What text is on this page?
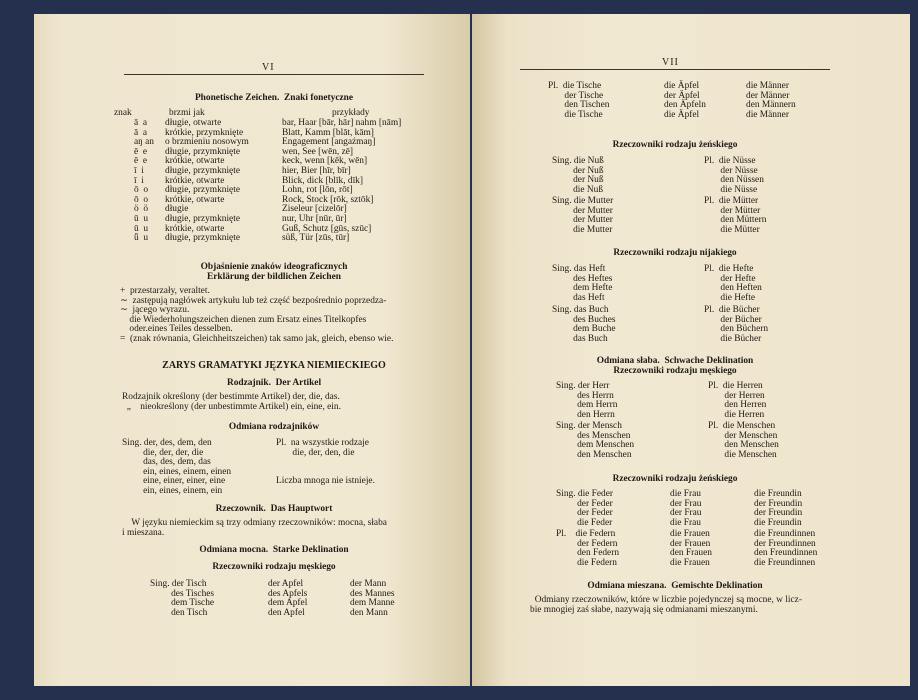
VI
Phonetische Zeichen.  Znaki fonetyczne
znak	brzmi jak	przykłady
ā  a
ā  a
aŋ an
ē  e
ē  e
ī  i
ī  i
ō  o
ō  o
ö  ö
ū  u
ū  u
ǖ  u
długie, otwarte
krótkie, przymknięte
o brzmieniu nosowym
długie, przymknięte
krótkie, otwarte
długie, przymknięte
krótkie, otwarte
długie, przymknięte
krótkie, otwarte
długie
długie, przymknięte
krótkie, otwarte
długie, przymknięte
bar, Haar [bār, hār] nahm [nām]
Blatt, Kamm [blāt, kām]
Engagement [angaźmaŋ]
wen, See [wēn, zē]
keck, wenn [kēk, wēn]
hier, Bier [hīr, bīr]
Blick, dick [blīk, dīk]
Lohn, rot [lōn, rōt]
Rock, Stock [rōk, sztōk]
Ziseleur [cizelōr]
nur, Uhr [nūr, ūr]
Guß, Schutz [gūs, szūc]
süß, Tür [zūs, tūr]
Objaśnienie znaków ideograficznych
Erklärung der bildlichen Zeichen
+  przestarzały, veraltet.
∼  zastępują nagłówek artykułu lub też część bezpośrednio poprzedza-
∼  jącego wyrazu.
die Wiederholungszeichen dienen zum Ersatz eines Titelkopfes
oder.eines Teiles desselben.
=  (znak równania, Gleichheitszeichen) tak samo jak, gleich, ebenso wie.
ZARYS GRAMATYKI JĘZYKA NIEMIECKIEGO
Rodzajnik.  Der Artikel
Rodzajnik określony (der bestimmte Artikel) der, die, das.
„    nieokreślony (der unbestimmte Artikel) ein, eine, ein.
Odmiana rodzajników
Sing. der, des, dem, den
die, der, der, die
das, des, dem, das
ein, eines, einem, einen
eine, einer, einer, eine
ein, eines, einem, ein
Pl.  na wszystkie rodzaje
die, der, den, die
Liczba mnoga nie istnieje.
Rzeczownik.  Das Hauptwort
W języku niemieckim są trzy odmiany rzeczowników: mocna, słaba
i mieszana.
Odmiana mocna.  Starke Deklination
Rzeczowniki rodzaju męskiego
Sing. der Tisch
des Tisches
dem Tische
den Tisch
der Apfel
des Apfels
dem Apfel
den Apfel
der Mann
des Mannes
dem Manne
den Mann
VII
Pl.  die Tische
der Tische
den Tischen
die Tische
die Äpfel
der Äpfel
den Äpfeln
die Äpfel
die Männer
der Männer
den Männern
die Männer
Rzeczowniki rodzaju żeńskiego
Sing. die Nuß
der Nuß
der Nuß
die Nuß
Pl.  die Nüsse
der Nüsse
den Nüssen
die Nüsse
Sing. die Mutter
der Mutter
der Mutter
die Mutter
Pl.  die Mütter
der Mütter
den Müttern
die Mütter
Rzeczowniki rodzaju nijakiego
Sing. das Heft
des Heftes
dem Hefte
das Heft
Pl.  die Hefte
der Hefte
den Heften
die Hefte
Sing. das Buch
des Buches
dem Buche
das Buch
Pl.  die Bücher
der Bücher
den Büchern
die Bücher
Odmiana słaba.  Schwache Deklination
Rzeczowniki rodzaju męskiego
Sing. der Herr
des Herrn
dem Herrn
den Herrn
Pl.  die Herren
der Herren
den Herren
die Herren
Sing. der Mensch
des Menschen
dem Menschen
den Menschen
Pl.  die Menschen
der Menschen
den Menschen
die Menschen
Rzeczowniki rodzaju żeńskiego
Sing. die Feder
der Feder
der Feder
die Feder
die Frau
der Frau
der Frau
die Frau
die Freundin
der Freundin
der Freundin
die Freundin
Pl.    die Federn
der Federn
den Federn
die Federn
die Frauen
der Frauen
den Frauen
die Frauen
die Freundinnen
der Freundinnen
den Freundinnen
die Freundinnen
Odmiana mieszana.  Gemischte Deklination
Odmiany rzeczowników, które w liczbie pojedynczej są mocne, w licz-
bie mnogiej zaś słabe, nazywają się odmianami mieszanymi.
